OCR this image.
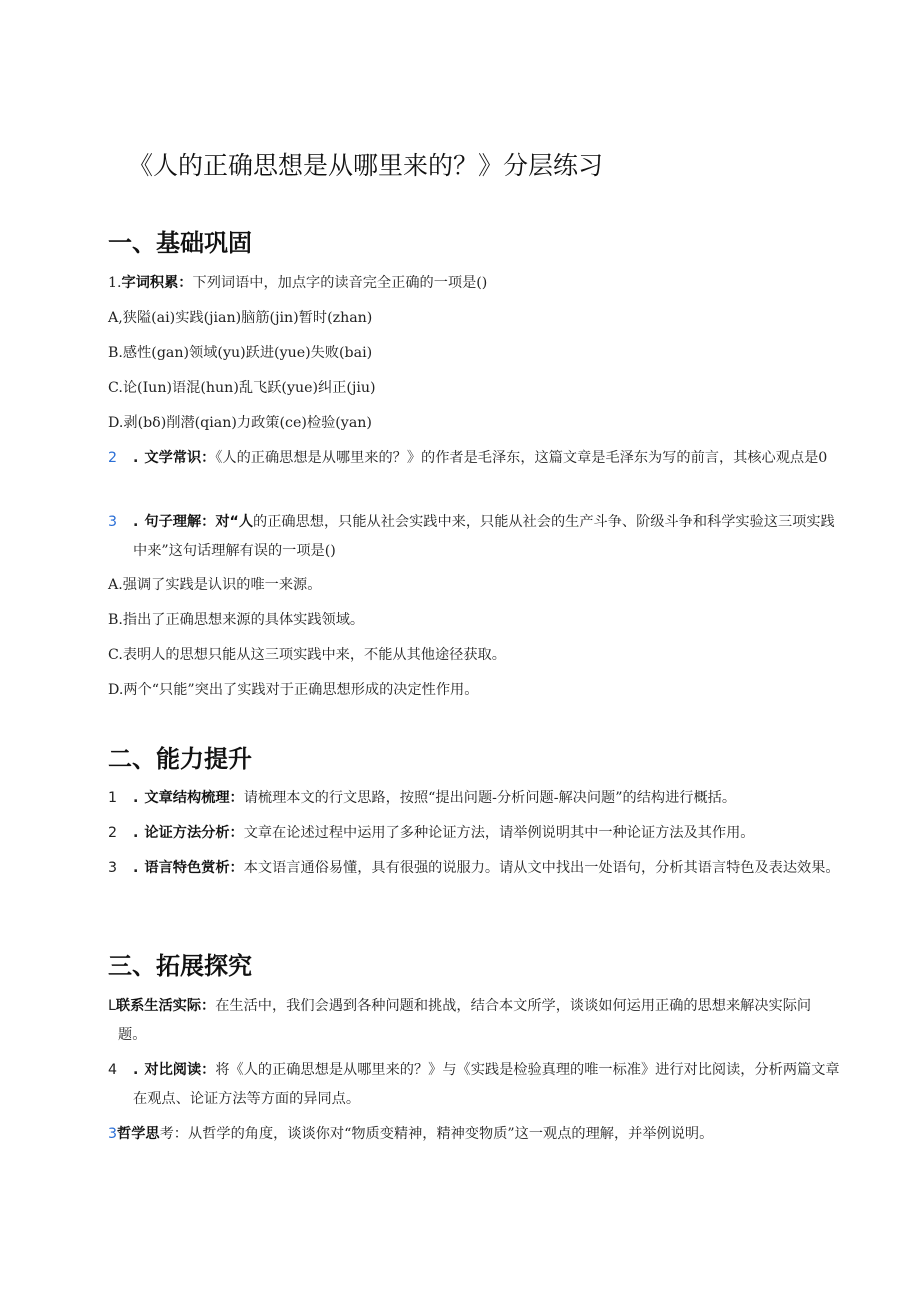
《人的正确思想是从哪里来的？》分层练习
一、基础巩固
1.字词积累：下列词语中，加点字的读音完全正确的一项是()
A,狭隘(ai)实践(jian)脑筋(jin)暂时(zhan)
B.感性(gan)领域(yu)跃进(yue)失败(bai)
C.论(Iun)语混(hun)乱飞跃(yue)纠正(jiu)
D.剥(bδ)削潜(qian)力政策(ce)检验(yan)
2 . 文学常识：《人的正确思想是从哪里来的？》的作者是毛泽东，这篇文章是毛泽东为写的前言，其核心观点是0
3 . 句子理解：对“人的正确思想，只能从社会实践中来，只能从社会的生产斗争、阶级斗争和科学实验这三项实践中来”这句话理解有误的一项是()
A.强调了实践是认识的唯一来源。
B.指出了正确思想来源的具体实践领域。
C.表明人的思想只能从这三项实践中来，不能从其他途径获取。
D.两个“只能”突出了实践对于正确思想形成的决定性作用。
二、能力提升
1 . 文章结构梳理：请梳理本文的行文思路，按照“提出问题-分析问题-解决问题”的结构进行概括。
2 . 论证方法分析：文章在论述过程中运用了多种论证方法，请举例说明其中一种论证方法及其作用。
3 . 语言特色赏析：本文语言通俗易懂，具有很强的说服力。请从文中找出一处语句，分析其语言特色及表达效果。
三、拓展探究
L联系生活实际：在生活中，我们会遇到各种问题和挑战，结合本文所学，谈谈如何运用正确的思想来解决实际问题。
4 . 对比阅读：将《人的正确思想是从哪里来的？》与《实践是检验真理的唯一标准》进行对比阅读，分析两篇文章在观点、论证方法等方面的异同点。
3哲学思考：从哲学的角度，谈谈你对“物质变精神，精神变物质”这一观点的理解，并举例说明。
